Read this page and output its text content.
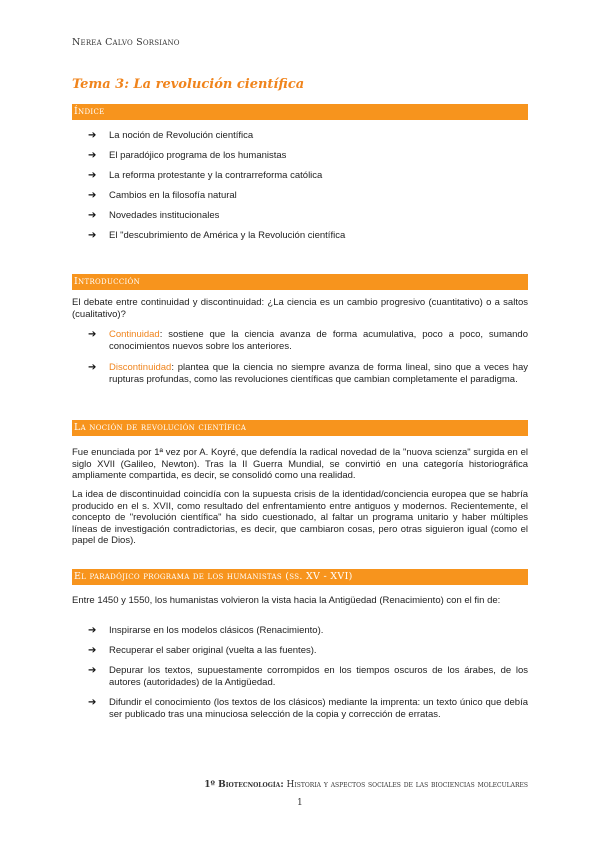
Nerea Calvo Sorsiano
Tema 3: La revolución científica
Índice
➔ La noción de Revolución científica
➔ El paradójico programa de los humanistas
➔ La reforma protestante y la contrarreforma católica
➔ Cambios en la filosofía natural
➔ Novedades institucionales
➔ El "descubrimiento de América y la Revolución científica
Introducción
El debate entre continuidad y discontinuidad: ¿La ciencia es un cambio progresivo (cuantitativo) o a saltos (cualitativo)?
➔ Continuidad: sostiene que la ciencia avanza de forma acumulativa, poco a poco, sumando conocimientos nuevos sobre los anteriores.
➔ Discontinuidad: plantea que la ciencia no siempre avanza de forma lineal, sino que a veces hay rupturas profundas, como las revoluciones científicas que cambian completamente el paradigma.
La noción de revolución científica
Fue enunciada por 1ª vez por A. Koyré, que defendía la radical novedad de la "nuova scienza" surgida en el siglo XVII (Galileo, Newton). Tras la II Guerra Mundial, se convirtió en una categoría historiográfica ampliamente compartida, es decir, se consolidó como una realidad.
La idea de discontinuidad coincidía con la supuesta crisis de la identidad/conciencia europea que se habría producido en el s. XVII, como resultado del enfrentamiento entre antiguos y modernos. Recientemente, el concepto de "revolución científica" ha sido cuestionado, al faltar un programa unitario y haber múltiples líneas de investigación contradictorias, es decir, que cambiaron cosas, pero otras siguieron igual (como el papel de Dios).
El paradójico programa de los humanistas (ss. XV - XVI)
Entre 1450 y 1550, los humanistas volvieron la vista hacia la Antigüedad (Renacimiento) con el fin de:
➔ Inspirarse en los modelos clásicos (Renacimiento).
➔ Recuperar el saber original (vuelta a las fuentes).
➔ Depurar los textos, supuestamente corrompidos en los tiempos oscuros de los árabes, de los autores (autoridades) de la Antigüedad.
➔ Difundir el conocimiento (los textos de los clásicos) mediante la imprenta: un texto único que debía ser publicado tras una minuciosa selección de la copia y corrección de erratas.
1º Biotecnología: Historia y aspectos sociales de las biociencias moleculares
1
